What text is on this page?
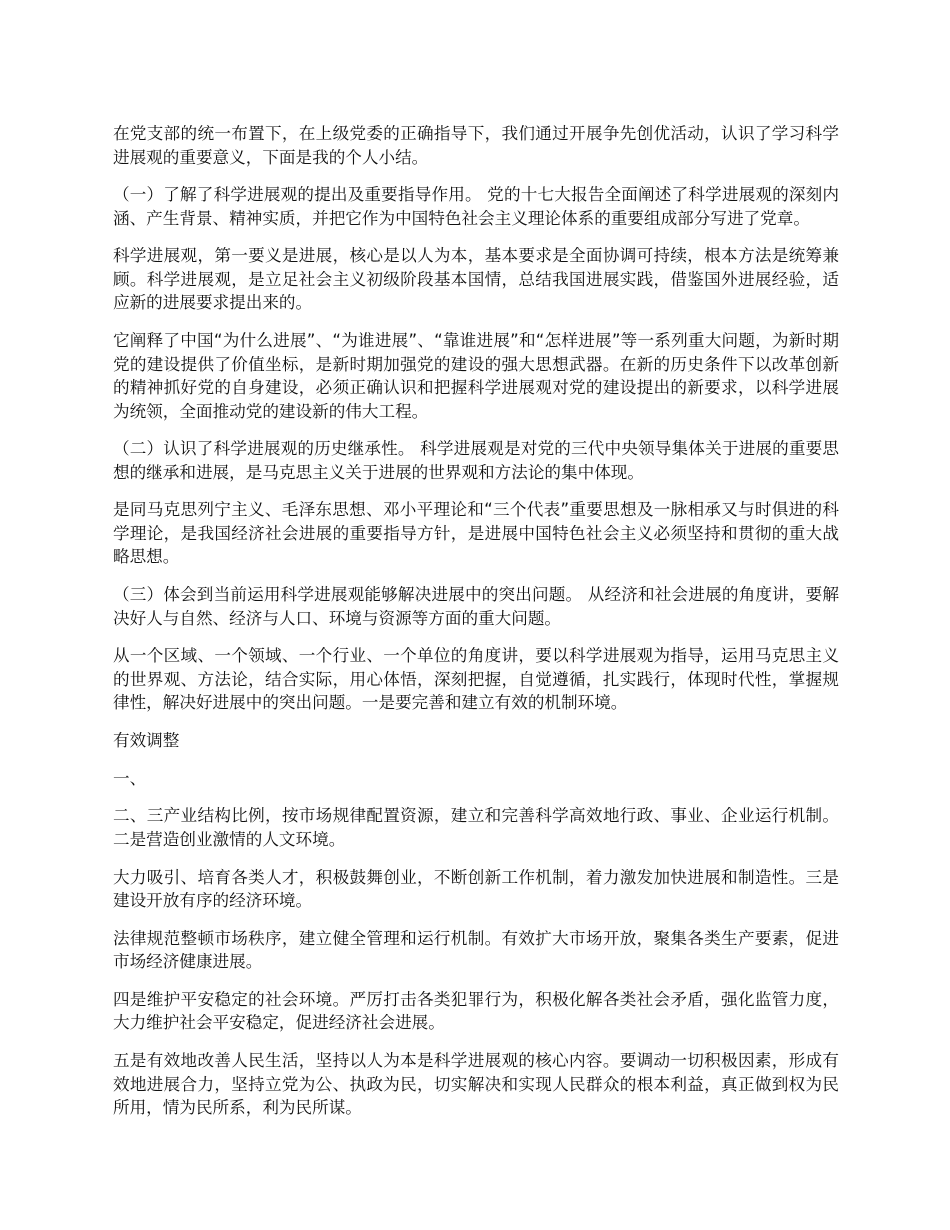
在党支部的统一布置下，在上级党委的正确指导下，我们通过开展争先创优活动，认识了学习科学进展观的重要意义，下面是我的个人小结。

（一）了解了科学进展观的提出及重要指导作用。 党的十七大报告全面阐述了科学进展观的深刻内涵、产生背景、精神实质，并把它作为中国特色社会主义理论体系的重要组成部分写进了党章。

科学进展观，第一要义是进展，核心是以人为本，基本要求是全面协调可持续，根本方法是统筹兼顾。科学进展观，是立足社会主义初级阶段基本国情，总结我国进展实践，借鉴国外进展经验，适应新的进展要求提出来的。

它阐释了中国“为什么进展”、“为谁进展”、“靠谁进展”和“怎样进展”等一系列重大问题，为新时期党的建设提供了价值坐标，是新时期加强党的建设的强大思想武器。在新的历史条件下以改革创新的精神抓好党的自身建设，必须正确认识和把握科学进展观对党的建设提出的新要求，以科学进展为统领，全面推动党的建设新的伟大工程。

（二）认识了科学进展观的历史继承性。 科学进展观是对党的三代中央领导集体关于进展的重要思想的继承和进展，是马克思主义关于进展的世界观和方法论的集中体现。

是同马克思列宁主义、毛泽东思想、邓小平理论和“三个代表”重要思想及一脉相承又与时俱进的科学理论，是我国经济社会进展的重要指导方针，是进展中国特色社会主义必须坚持和贯彻的重大战略思想。

（三）体会到当前运用科学进展观能够解决进展中的突出问题。 从经济和社会进展的角度讲，要解决好人与自然、经济与人口、环境与资源等方面的重大问题。

从一个区域、一个领域、一个行业、一个单位的角度讲，要以科学进展观为指导，运用马克思主义的世界观、方法论，结合实际，用心体悟，深刻把握，自觉遵循，扎实践行，体现时代性，掌握规律性，解决好进展中的突出问题。一是要完善和建立有效的机制环境。

有效调整

一、

二、三产业结构比例，按市场规律配置资源，建立和完善科学高效地行政、事业、企业运行机制。二是营造创业激情的人文环境。

大力吸引、培育各类人才，积极鼓舞创业，不断创新工作机制，着力激发加快进展和制造性。三是建设开放有序的经济环境。

法律规范整顿市场秩序，建立健全管理和运行机制。有效扩大市场开放，聚集各类生产要素，促进市场经济健康进展。

四是维护平安稳定的社会环境。严厉打击各类犯罪行为，积极化解各类社会矛盾，强化监管力度，大力维护社会平安稳定，促进经济社会进展。

五是有效地改善人民生活，坚持以人为本是科学进展观的核心内容。要调动一切积极因素，形成有效地进展合力，坚持立党为公、执政为民，切实解决和实现人民群众的根本利益，真正做到权为民所用，情为民所系，利为民所谋。
